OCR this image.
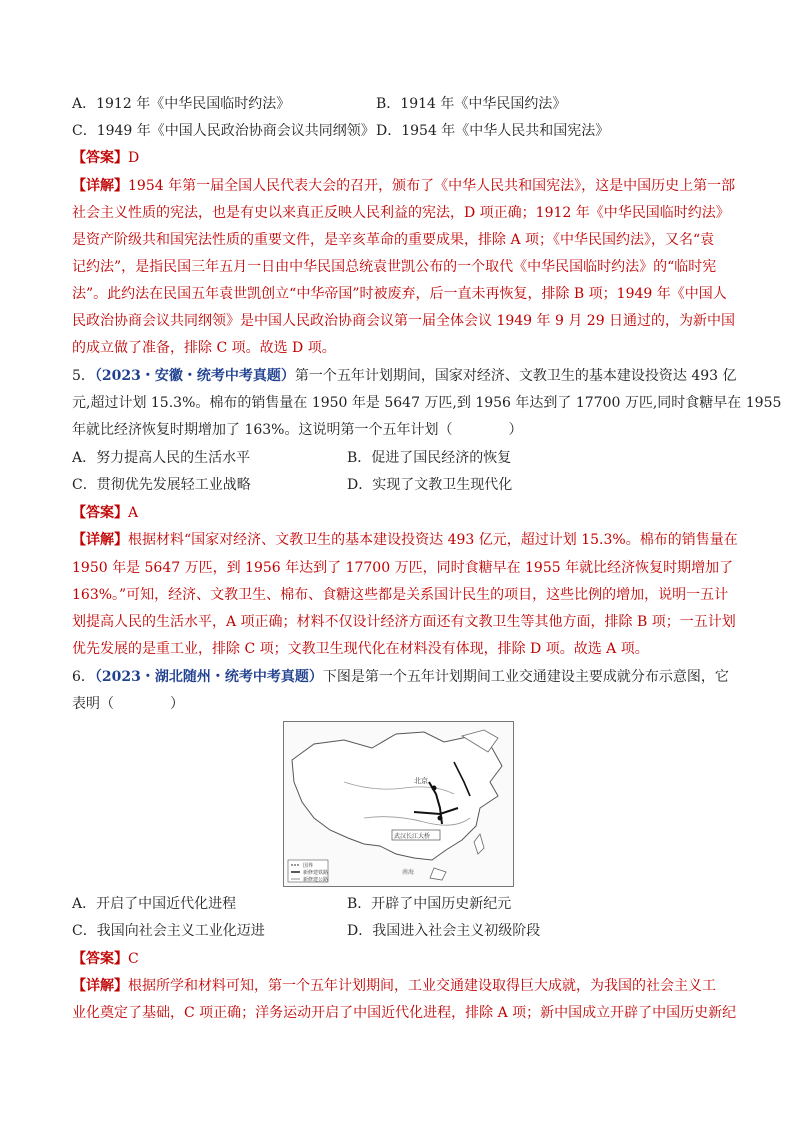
A．1912 年《中华民国临时约法》	B．1914 年《中华民国约法》
C．1949 年《中国人民政治协商会议共同纲领》 D．1954 年《中华人民共和国宪法》
【答案】D
【详解】1954 年第一届全国人民代表大会的召开，颁布了《中华人民共和国宪法》，这是中国历史上第一部
社会主义性质的宪法，也是有史以来真正反映人民利益的宪法，D 项正确；1912 年《中华民国临时约法》
是资产阶级共和国宪法性质的重要文件，是辛亥革命的重要成果，排除 A 项；《中华民国约法》，又名“袁
记约法”，是指民国三年五月一日由中华民国总统袁世凯公布的一个取代《中华民国临时约法》的“临时宪
法”。此约法在民国五年袁世凯创立“中华帝国”时被废弃，后一直未再恢复，排除 B 项；1949 年《中国人
民政治协商会议共同纲领》是中国人民政治协商会议第一届全体会议 1949 年 9 月 29 日通过的，为新中国
的成立做了准备，排除 C 项。故选 D 项。
5．（2023・安徽・统考中考真题）第一个五年计划期间，国家对经济、文教卫生的基本建设投资达 493 亿
元,超过计划 15.3%。棉布的销售量在 1950 年是 5647 万匹,到 1956 年达到了 17700 万匹,同时食糖早在 1955
年就比经济恢复时期增加了 163%。这说明第一个五年计划（　　　　）
A．努力提高人民的生活水平	B．促进了国民经济的恢复
C．贯彻优先发展轻工业战略	D．实现了文教卫生现代化
【答案】A
【详解】根据材料“国家对经济、文教卫生的基本建设投资达 493 亿元，超过计划 15.3%。棉布的销售量在
1950 年是 5647 万匹，到 1956 年达到了 17700 万匹，同时食糖早在 1955 年就比经济恢复时期增加了
163%。”可知，经济、文教卫生、棉布、食糖这些都是关系国计民生的项目，这些比例的增加，说明一五计
划提高人民的生活水平，A 项正确；材料不仅设计经济方面还有文教卫生等其他方面，排除 B 项；一五计划
优先发展的是重工业，排除 C 项；文教卫生现代化在材料没有体现，排除 D 项。故选 A 项。
6．（2023・湖北随州・统考中考真题）下图是第一个五年计划期间工业交通建设主要成就分布示意图，它
表明（　　　　）
北京
武汉长江大桥
国界
新修建铁路
新修建公路
南海
A．开启了中国近代化进程	B．开辟了中国历史新纪元
C．我国向社会主义工业化迈进	D．我国进入社会主义初级阶段
【答案】C
【详解】根据所学和材料可知，第一个五年计划期间，工业交通建设取得巨大成就，为我国的社会主义工
业化奠定了基础，C 项正确；洋务运动开启了中国近代化进程，排除 A 项；新中国成立开辟了中国历史新纪
